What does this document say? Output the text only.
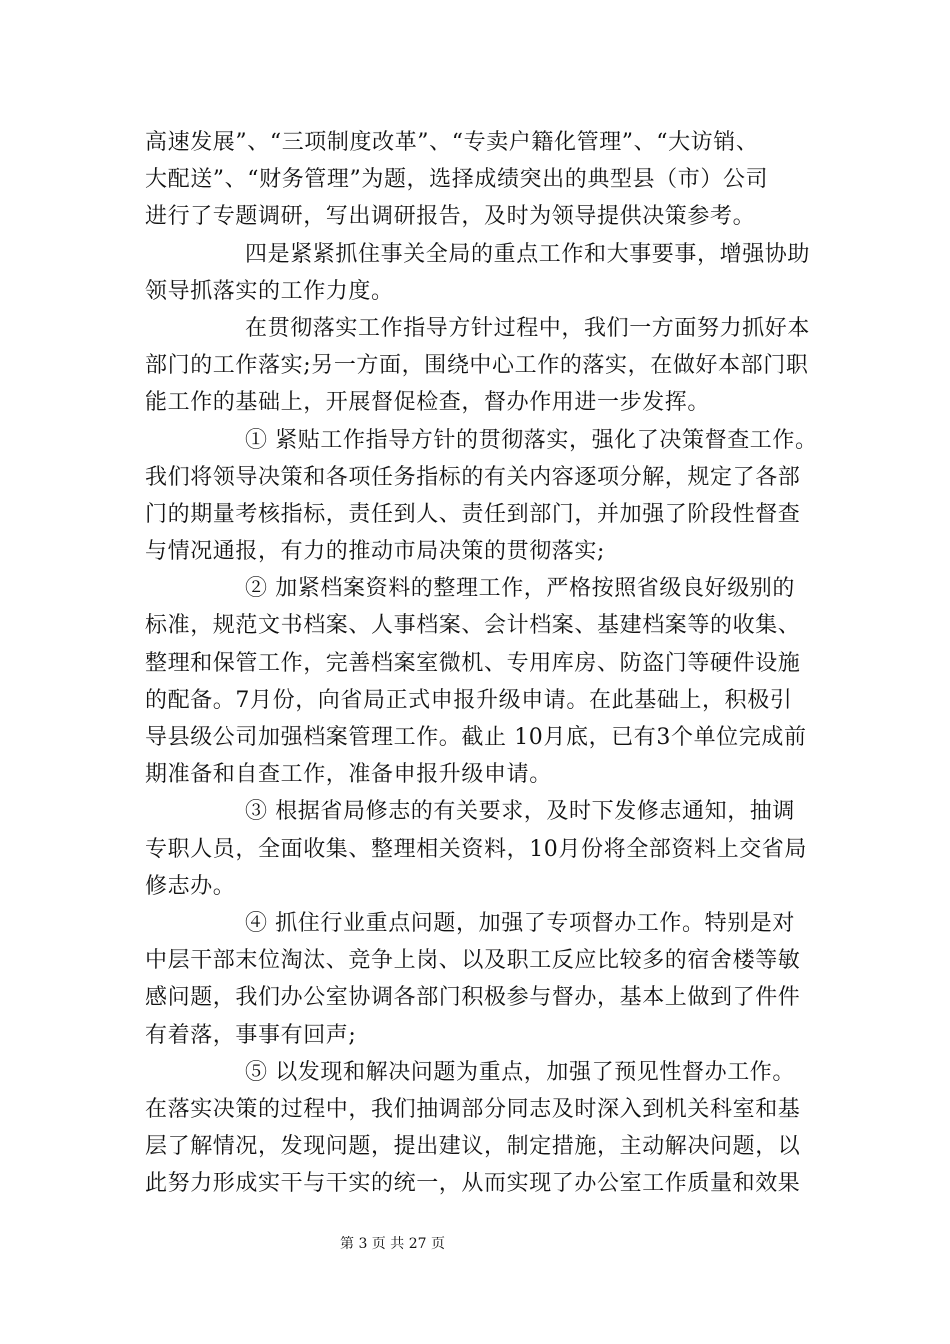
高速发展”、“三项制度改革”、“专卖户籍化管理”、“大访销、
大配送”、“财务管理”为题，选择成绩突出的典型县（市）公司
进行了专题调研，写出调研报告，及时为领导提供决策参考。
四是紧紧抓住事关全局的重点工作和大事要事，增强协助
领导抓落实的工作力度。
在贯彻落实工作指导方针过程中，我们一方面努力抓好本
部门的工作落实;另一方面，围绕中心工作的落实，在做好本部门职
能工作的基础上，开展督促检查，督办作用进一步发挥。
① 紧贴工作指导方针的贯彻落实，强化了决策督查工作。
我们将领导决策和各项任务指标的有关内容逐项分解，规定了各部
门的期量考核指标，责任到人、责任到部门，并加强了阶段性督查
与情况通报，有力的推动市局决策的贯彻落实;
② 加紧档案资料的整理工作，严格按照省级良好级别的
标准，规范文书档案、人事档案、会计档案、基建档案等的收集、
整理和保管工作，完善档案室微机、专用库房、防盗门等硬件设施
的配备。7月份，向省局正式申报升级申请。在此基础上，积极引
导县级公司加强档案管理工作。截止 10月底，已有3个单位完成前
期准备和自查工作，准备申报升级申请。
③ 根据省局修志的有关要求，及时下发修志通知，抽调
专职人员，全面收集、整理相关资料，10月份将全部资料上交省局
修志办。
④ 抓住行业重点问题，加强了专项督办工作。特别是对
中层干部末位淘汰、竞争上岗、以及职工反应比较多的宿舍楼等敏
感问题，我们办公室协调各部门积极参与督办，基本上做到了件件
有着落，事事有回声;
⑤ 以发现和解决问题为重点，加强了预见性督办工作。
在落实决策的过程中，我们抽调部分同志及时深入到机关科室和基
层了解情况，发现问题，提出建议，制定措施，主动解决问题，以
此努力形成实干与干实的统一，从而实现了办公室工作质量和效果
第 3 页 共 27 页
